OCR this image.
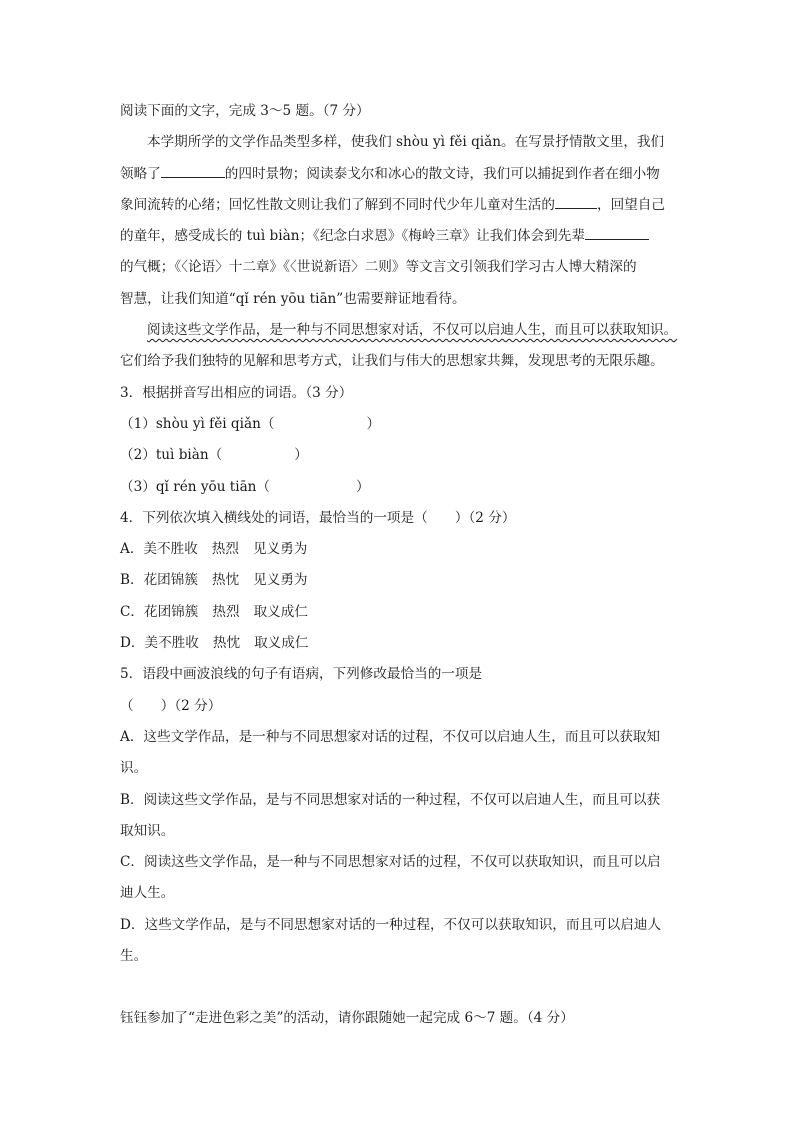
阅读下面的文字，完成 3～5 题。（7 分）

本学期所学的文学作品类型多样，使我们 shòu yì fěi qiǎn。在写景抒情散文里，我们

领略了	的四时景物；阅读泰戈尔和冰心的散文诗，我们可以捕捉到作者在细小物

象间流转的心绪；回忆性散文则让我们了解到不同时代少年儿童对生活的	，回望自己

的童年，感受成长的 tuì biàn；《纪念白求恩》《梅岭三章》让我们体会到先辈

的气概；《〈论语〉十二章》《〈世说新语〉二则》等文言文引领我们学习古人博大精深的

智慧，让我们知道“qǐ rén yōu tiān”也需要辩证地看待。

阅读这些文学作品，是一种与不同思想家对话，不仅可以启迪人生，而且可以获取知识。

它们给予我们独特的见解和思考方式，让我们与伟大的思想家共舞，发现思考的无限乐趣。

3．根据拼音写出相应的词语。（3 分）

（1）shòu yì fěi qiǎn（	）

（2）tuì biàn（	）

（3）qǐ rén yōu tiān（	）

4．下列依次填入横线处的词语，最恰当的一项是（　　）（2 分）

A．美不胜收 热烈 见义勇为

B．花团锦簇 热忱 见义勇为

C．花团锦簇 热烈 取义成仁

D．美不胜收 热忱 取义成仁

5．语段中画波浪线的句子有语病，下列修改最恰当的一项是

（　　）（2 分）

A．这些文学作品，是一种与不同思想家对话的过程，不仅可以启迪人生，而且可以获取知

识。

B．阅读这些文学作品，是与不同思想家对话的一种过程，不仅可以启迪人生，而且可以获

取知识。

C．阅读这些文学作品，是一种与不同思想家对话的过程，不仅可以获取知识，而且可以启

迪人生。

D．这些文学作品，是与不同思想家对话的一种过程，不仅可以获取知识，而且可以启迪人

生。

钰钰参加了“走进色彩之美”的活动，请你跟随她一起完成 6～7 题。（4 分）
